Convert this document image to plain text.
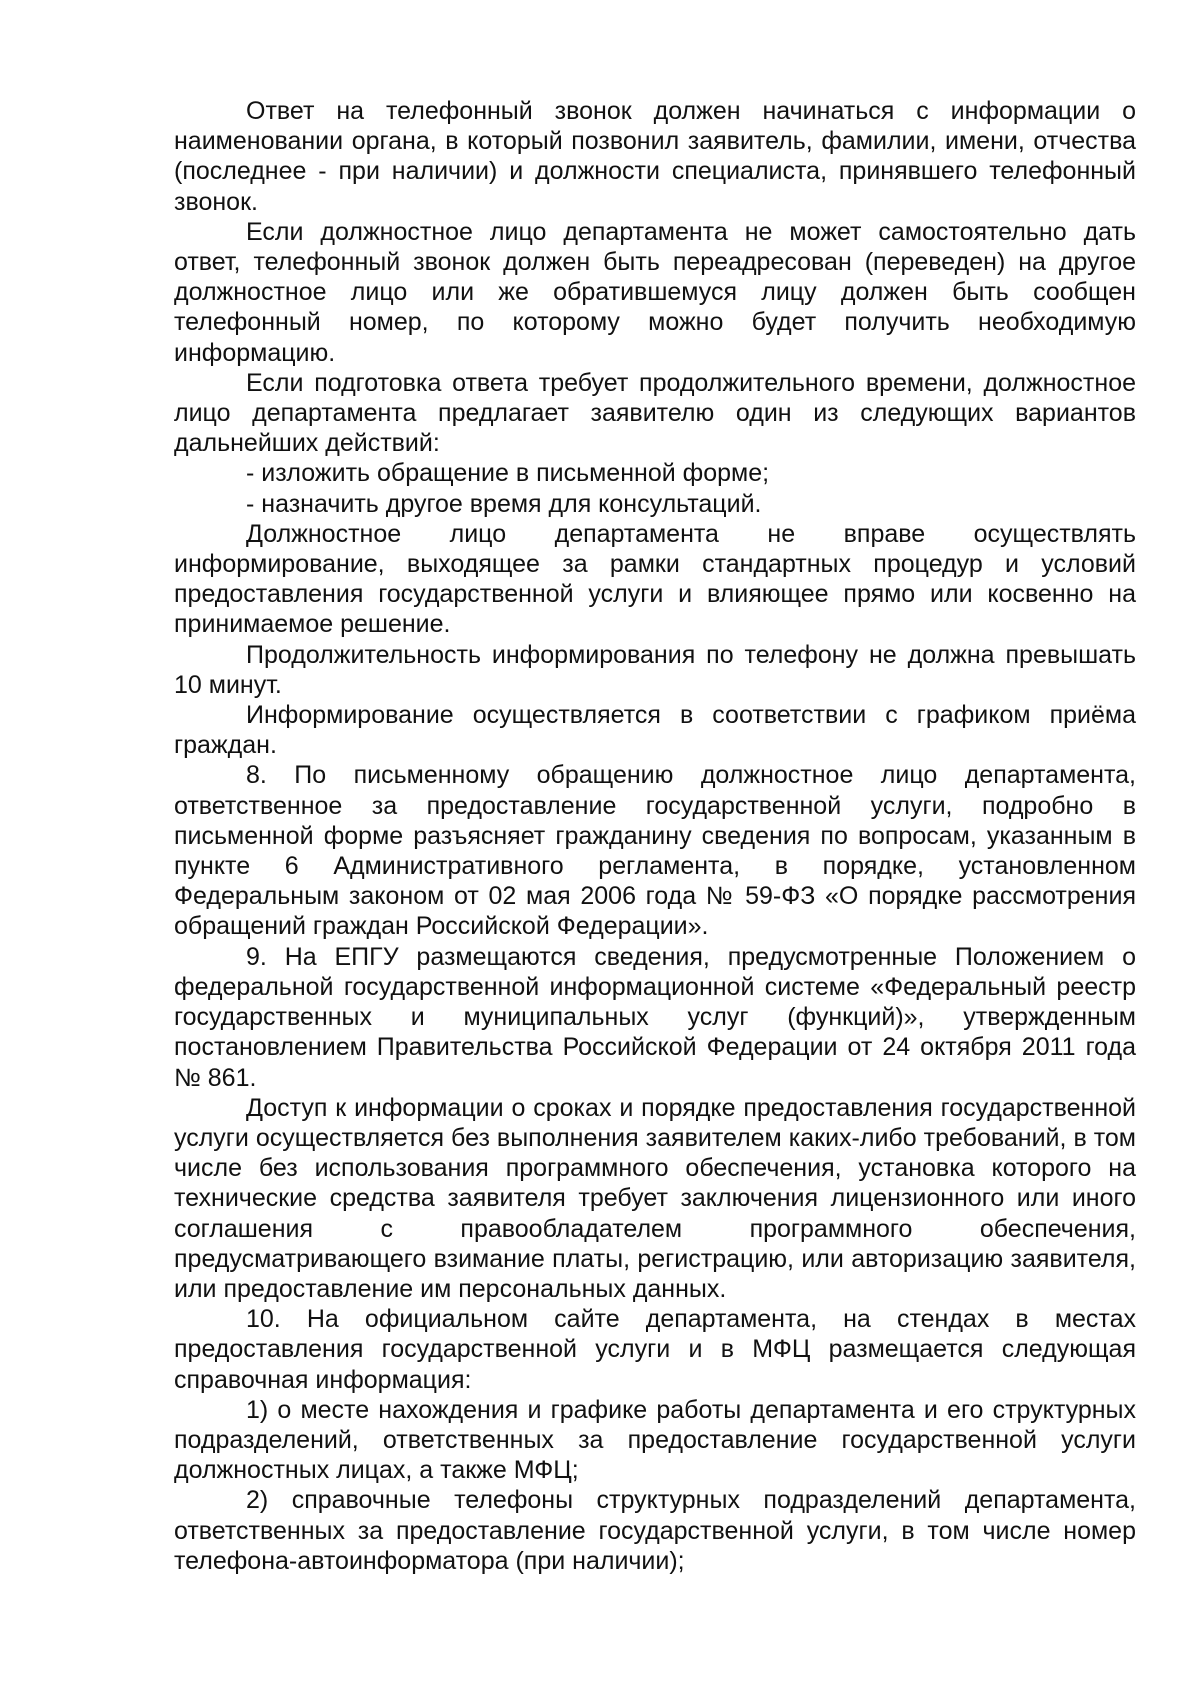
Ответ на телефонный звонок должен начинаться с информации о наименовании органа, в который позвонил заявитель, фамилии, имени, отчества (последнее - при наличии) и должности специалиста, принявшего телефонный звонок.

Если должностное лицо департамента не может самостоятельно дать ответ, телефонный звонок должен быть переадресован (переведен) на другое должностное лицо или же обратившемуся лицу должен быть сообщен телефонный номер, по которому можно будет получить необходимую информацию.

Если подготовка ответа требует продолжительного времени, должностное лицо департамента предлагает заявителю один из следующих вариантов дальнейших действий:

- изложить обращение в письменной форме;

- назначить другое время для консультаций.

Должностное лицо департамента не вправе осуществлять информирование, выходящее за рамки стандартных процедур и условий предоставления государственной услуги и влияющее прямо или косвенно на принимаемое решение.

Продолжительность информирования по телефону не должна превышать 10 минут.

Информирование осуществляется в соответствии с графиком приёма граждан.

8. По письменному обращению должностное лицо департамента, ответственное за предоставление государственной услуги, подробно в письменной форме разъясняет гражданину сведения по вопросам, указанным в пункте 6 Административного регламента, в порядке, установленном Федеральным законом от 02 мая 2006 года № 59-ФЗ «О порядке рассмотрения обращений граждан Российской Федерации».

9. На ЕПГУ размещаются сведения, предусмотренные Положением о федеральной государственной информационной системе «Федеральный реестр государственных и муниципальных услуг (функций)», утвержденным постановлением Правительства Российской Федерации от 24 октября 2011 года № 861.

Доступ к информации о сроках и порядке предоставления государственной услуги осуществляется без выполнения заявителем каких-либо требований, в том числе без использования программного обеспечения, установка которого на технические средства заявителя требует заключения лицензионного или иного соглашения с правообладателем программного обеспечения, предусматривающего взимание платы, регистрацию, или авторизацию заявителя, или предоставление им персональных данных.

10. На официальном сайте департамента, на стендах в местах предоставления государственной услуги и в МФЦ размещается следующая справочная информация:

1) о месте нахождения и графике работы департамента и его структурных подразделений, ответственных за предоставление государственной услуги должностных лицах, а также МФЦ;

2) справочные телефоны структурных подразделений департамента, ответственных за предоставление государственной услуги, в том числе номер телефона-автоинформатора (при наличии);
